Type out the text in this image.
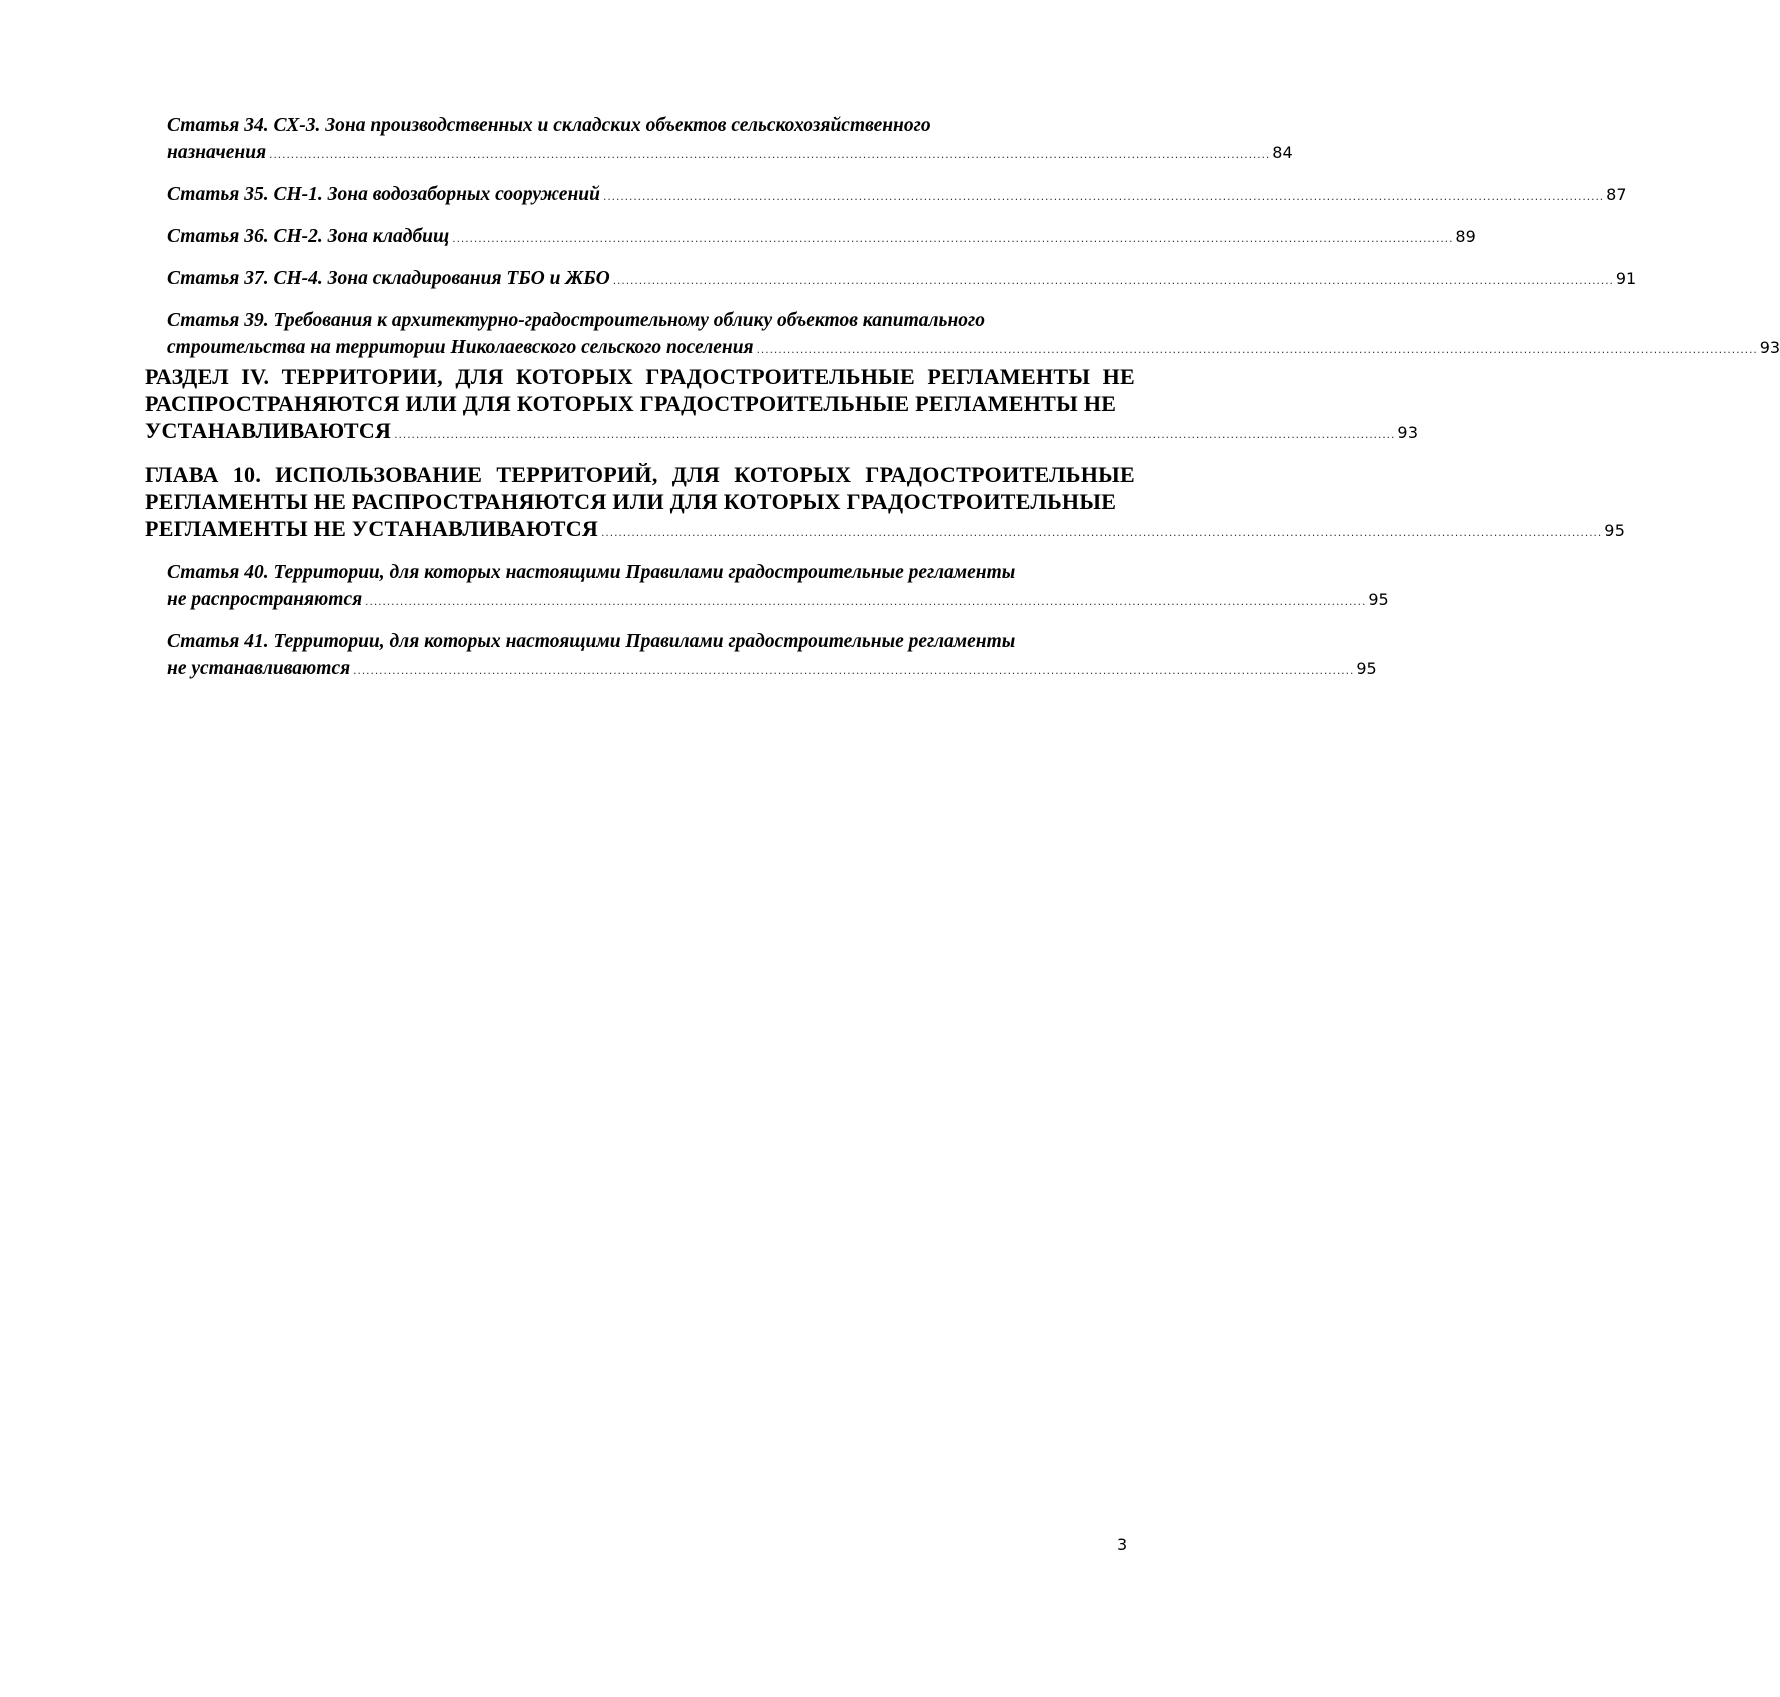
Статья 34. СХ-3. Зона производственных и складских объектов сельскохозяйственного
назначения ....................................................................................................................................................................................................................................... 84
Статья 35. СН-1. Зона водозаборных сооружений ....................................................................................................................................................................................................................................... 87
Статья 36. СН-2. Зона кладбищ ....................................................................................................................................................................................................................................... 89
Статья 37. СН-4. Зона складирования ТБО и ЖБО ....................................................................................................................................................................................................................................... 91
Статья 39. Требования к архитектурно-градостроительному облику объектов капитального
строительства на территории Николаевского сельского поселения ....................................................................................................................................................................................................................................... 93
РАЗДЕЛ IV. ТЕРРИТОРИИ, ДЛЯ КОТОРЫХ ГРАДОСТРОИТЕЛЬНЫЕ РЕГЛАМЕНТЫ НЕ РАСПРОСТРАНЯЮТСЯ ИЛИ ДЛЯ КОТОРЫХ ГРАДОСТРОИТЕЛЬНЫЕ РЕГЛАМЕНТЫ НЕ
УСТАНАВЛИВАЮТСЯ ....................................................................................................................................................................................................................................... 93
ГЛАВА 10. ИСПОЛЬЗОВАНИЕ ТЕРРИТОРИЙ, ДЛЯ КОТОРЫХ ГРАДОСТРОИТЕЛЬНЫЕ РЕГЛАМЕНТЫ НЕ РАСПРОСТРАНЯЮТСЯ ИЛИ ДЛЯ КОТОРЫХ ГРАДОСТРОИТЕЛЬНЫЕ
РЕГЛАМЕНТЫ НЕ УСТАНАВЛИВАЮТСЯ ....................................................................................................................................................................................................................................... 95
Статья 40. Территории, для которых настоящими Правилами градостроительные регламенты
не распространяются ....................................................................................................................................................................................................................................... 95
Статья 41. Территории, для которых настоящими Правилами градостроительные регламенты
не устанавливаются ....................................................................................................................................................................................................................................... 95
3
